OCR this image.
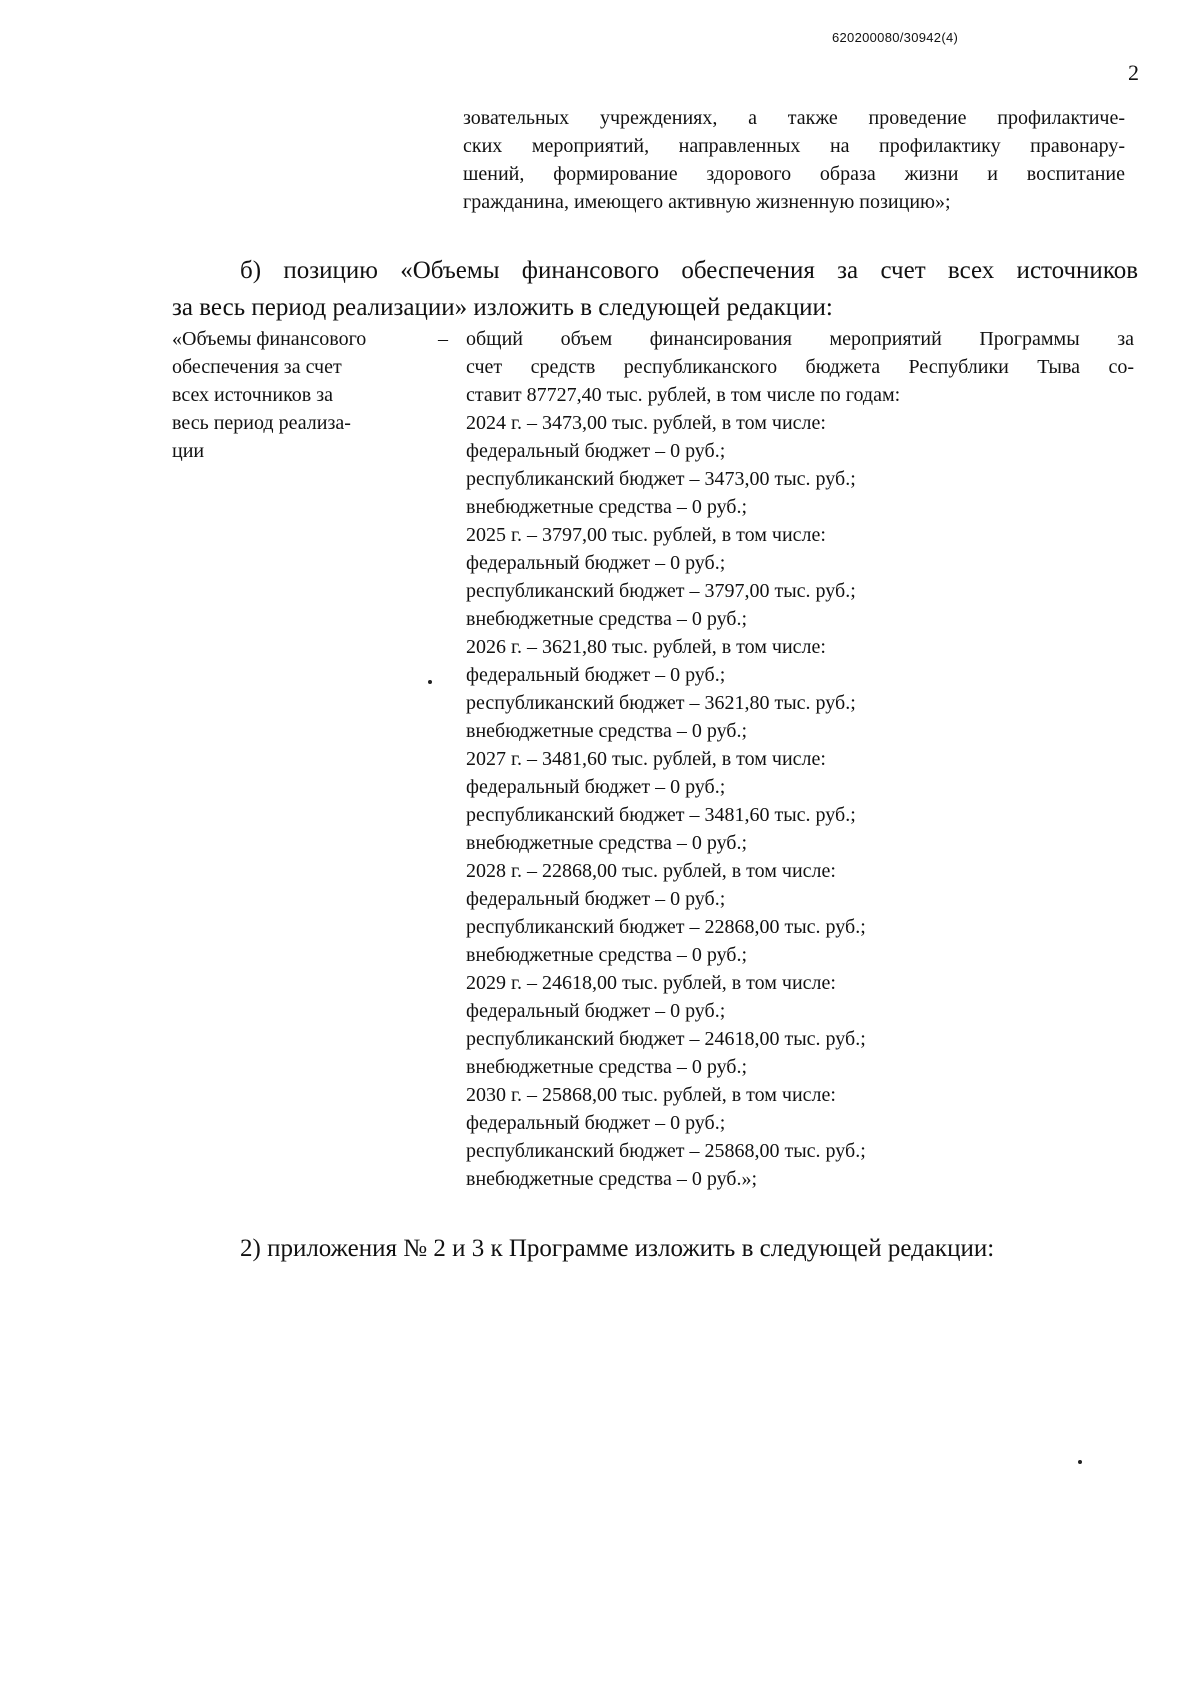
620200080/30942(4)
2

зовательных учреждениях, а также проведение профилактиче-

ских мероприятий, направленных на профилактику правонару-

шений, формирование здорового образа жизни и воспитание

гражданина, имеющего активную жизненную позицию»;

б) позицию «Объемы финансового обеспечения за счет всех источников
за весь период реализации» изложить в следующей редакции:
«Объемы финансового
обеспечения за счет
всех источников за
весь период реализа-
ции
– общий объем финансирования мероприятий Программы за
счет средств республиканского бюджета Республики Тыва со-
ставит 87727,40 тыс. рублей, в том числе по годам:
2024 г. – 3473,00 тыс. рублей, в том числе:
федеральный бюджет – 0 руб.;
республиканский бюджет – 3473,00 тыс. руб.;
внебюджетные средства – 0 руб.;
2025 г. – 3797,00 тыс. рублей, в том числе:
федеральный бюджет – 0 руб.;
республиканский бюджет – 3797,00 тыс. руб.;
внебюджетные средства – 0 руб.;
2026 г. – 3621,80 тыс. рублей, в том числе:
федеральный бюджет – 0 руб.;
республиканский бюджет – 3621,80 тыс. руб.;
внебюджетные средства – 0 руб.;
2027 г. – 3481,60 тыс. рублей, в том числе:
федеральный бюджет – 0 руб.;
республиканский бюджет – 3481,60 тыс. руб.;
внебюджетные средства – 0 руб.;
2028 г. – 22868,00 тыс. рублей, в том числе:
федеральный бюджет – 0 руб.;
республиканский бюджет – 22868,00 тыс. руб.;
внебюджетные средства – 0 руб.;
2029 г. – 24618,00 тыс. рублей, в том числе:
федеральный бюджет – 0 руб.;
республиканский бюджет – 24618,00 тыс. руб.;
внебюджетные средства – 0 руб.;
2030 г. – 25868,00 тыс. рублей, в том числе:
федеральный бюджет – 0 руб.;
республиканский бюджет – 25868,00 тыс. руб.;
внебюджетные средства – 0 руб.»;
2) приложения № 2 и 3 к Программе изложить в следующей редакции:
